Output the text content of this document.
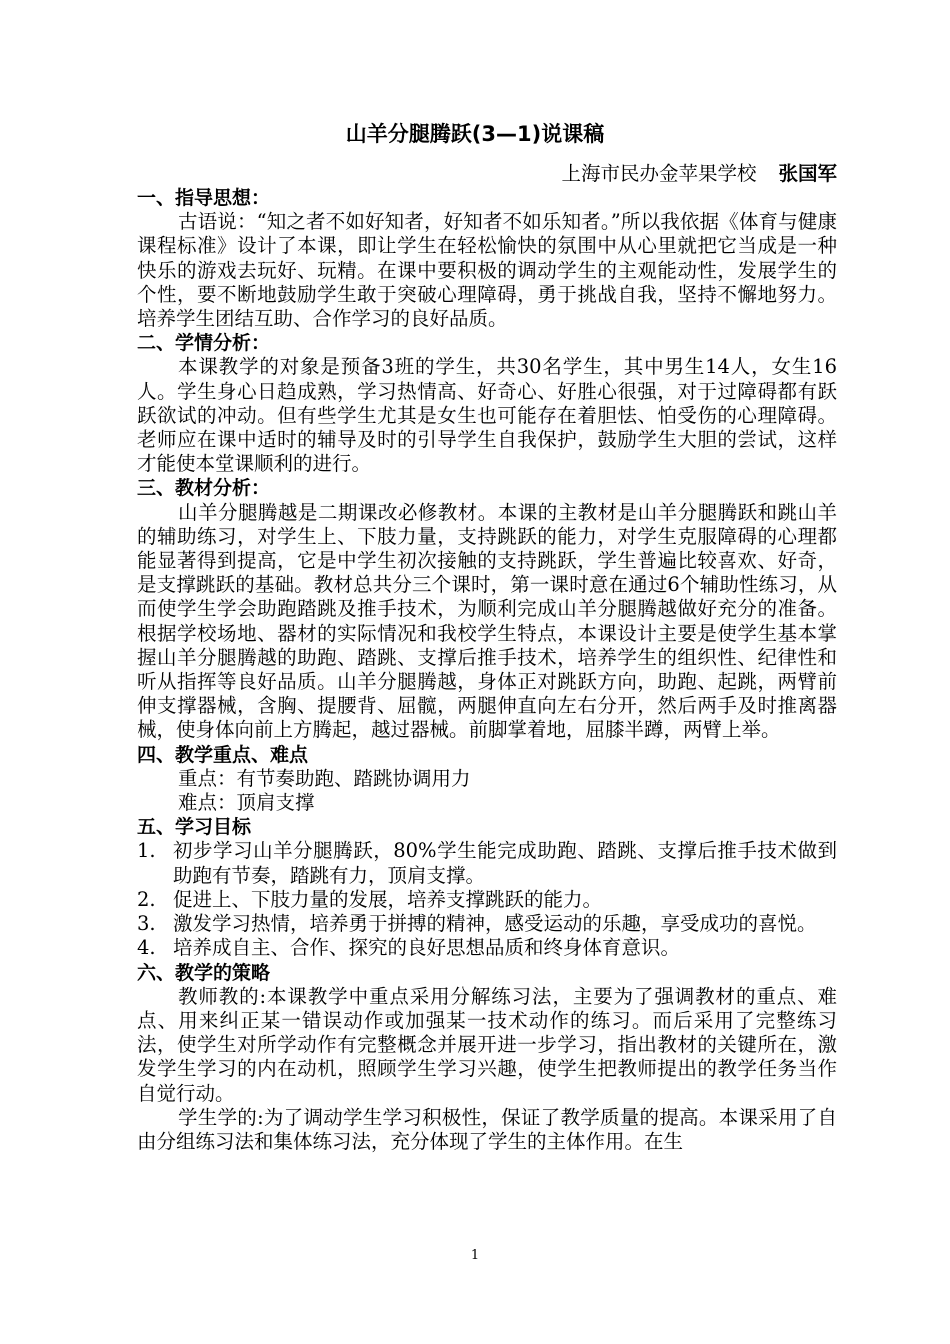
山羊分腿腾跃(3—1)说课稿
上海市民办金苹果学校 张国军

一、指导思想：

古语说：“知之者不如好知者，好知者不如乐知者。”所以我依据《体育与健康课程标准》设计了本课，即让学生在轻松愉快的氛围中从心里就把它当成是一种快乐的游戏去玩好、玩精。在课中要积极的调动学生的主观能动性，发展学生的个性，要不断地鼓励学生敢于突破心理障碍，勇于挑战自我，坚持不懈地努力。培养学生团结互助、合作学习的良好品质。

二、学情分析：

本课教学的对象是预备3班的学生，共30名学生，其中男生14人，女生16人。学生身心日趋成熟，学习热情高、好奇心、好胜心很强，对于过障碍都有跃跃欲试的冲动。但有些学生尤其是女生也可能存在着胆怯、怕受伤的心理障碍。老师应在课中适时的辅导及时的引导学生自我保护，鼓励学生大胆的尝试，这样才能使本堂课顺利的进行。

三、教材分析：

山羊分腿腾越是二期课改必修教材。本课的主教材是山羊分腿腾跃和跳山羊的辅助练习，对学生上、下肢力量，支持跳跃的能力，对学生克服障碍的心理都能显著得到提高，它是中学生初次接触的支持跳跃，学生普遍比较喜欢、好奇，是支撑跳跃的基础。教材总共分三个课时，第一课时意在通过6个辅助性练习，从而使学生学会助跑踏跳及推手技术，为顺利完成山羊分腿腾越做好充分的准备。根据学校场地、器材的实际情况和我校学生特点，本课设计主要是使学生基本掌握山羊分腿腾越的助跑、踏跳、支撑后推手技术，培养学生的组织性、纪律性和听从指挥等良好品质。山羊分腿腾越，身体正对跳跃方向，助跑、起跳，两臂前伸支撑器械，含胸、提腰背、屈髋，两腿伸直向左右分开，然后两手及时推离器械，使身体向前上方腾起，越过器械。前脚掌着地，屈膝半蹲，两臂上举。

四、教学重点、难点

重点：有节奏助跑、踏跳协调用力

难点：顶肩支撑

五、学习目标

1. 初步学习山羊分腿腾跃，80%学生能完成助跑、踏跳、支撑后推手技术做到助跑有节奏，踏跳有力，顶肩支撑。
2. 促进上、下肢力量的发展，培养支撑跳跃的能力。
3. 激发学习热情，培养勇于拼搏的精神，感受运动的乐趣，享受成功的喜悦。
4. 培养成自主、合作、探究的良好思想品质和终身体育意识。

六、教学的策略

教师教的:本课教学中重点采用分解练习法，主要为了强调教材的重点、难点、用来纠正某一错误动作或加强某一技术动作的练习。而后采用了完整练习法，使学生对所学动作有完整概念并展开进一步学习，指出教材的关键所在，激发学生学习的内在动机，照顾学生学习兴趣，使学生把教师提出的教学任务当作自觉行动。

学生学的:为了调动学生学习积极性，保证了教学质量的提高。本课采用了自由分组练习法和集体练习法，充分体现了学生的主体作用。在生

1
